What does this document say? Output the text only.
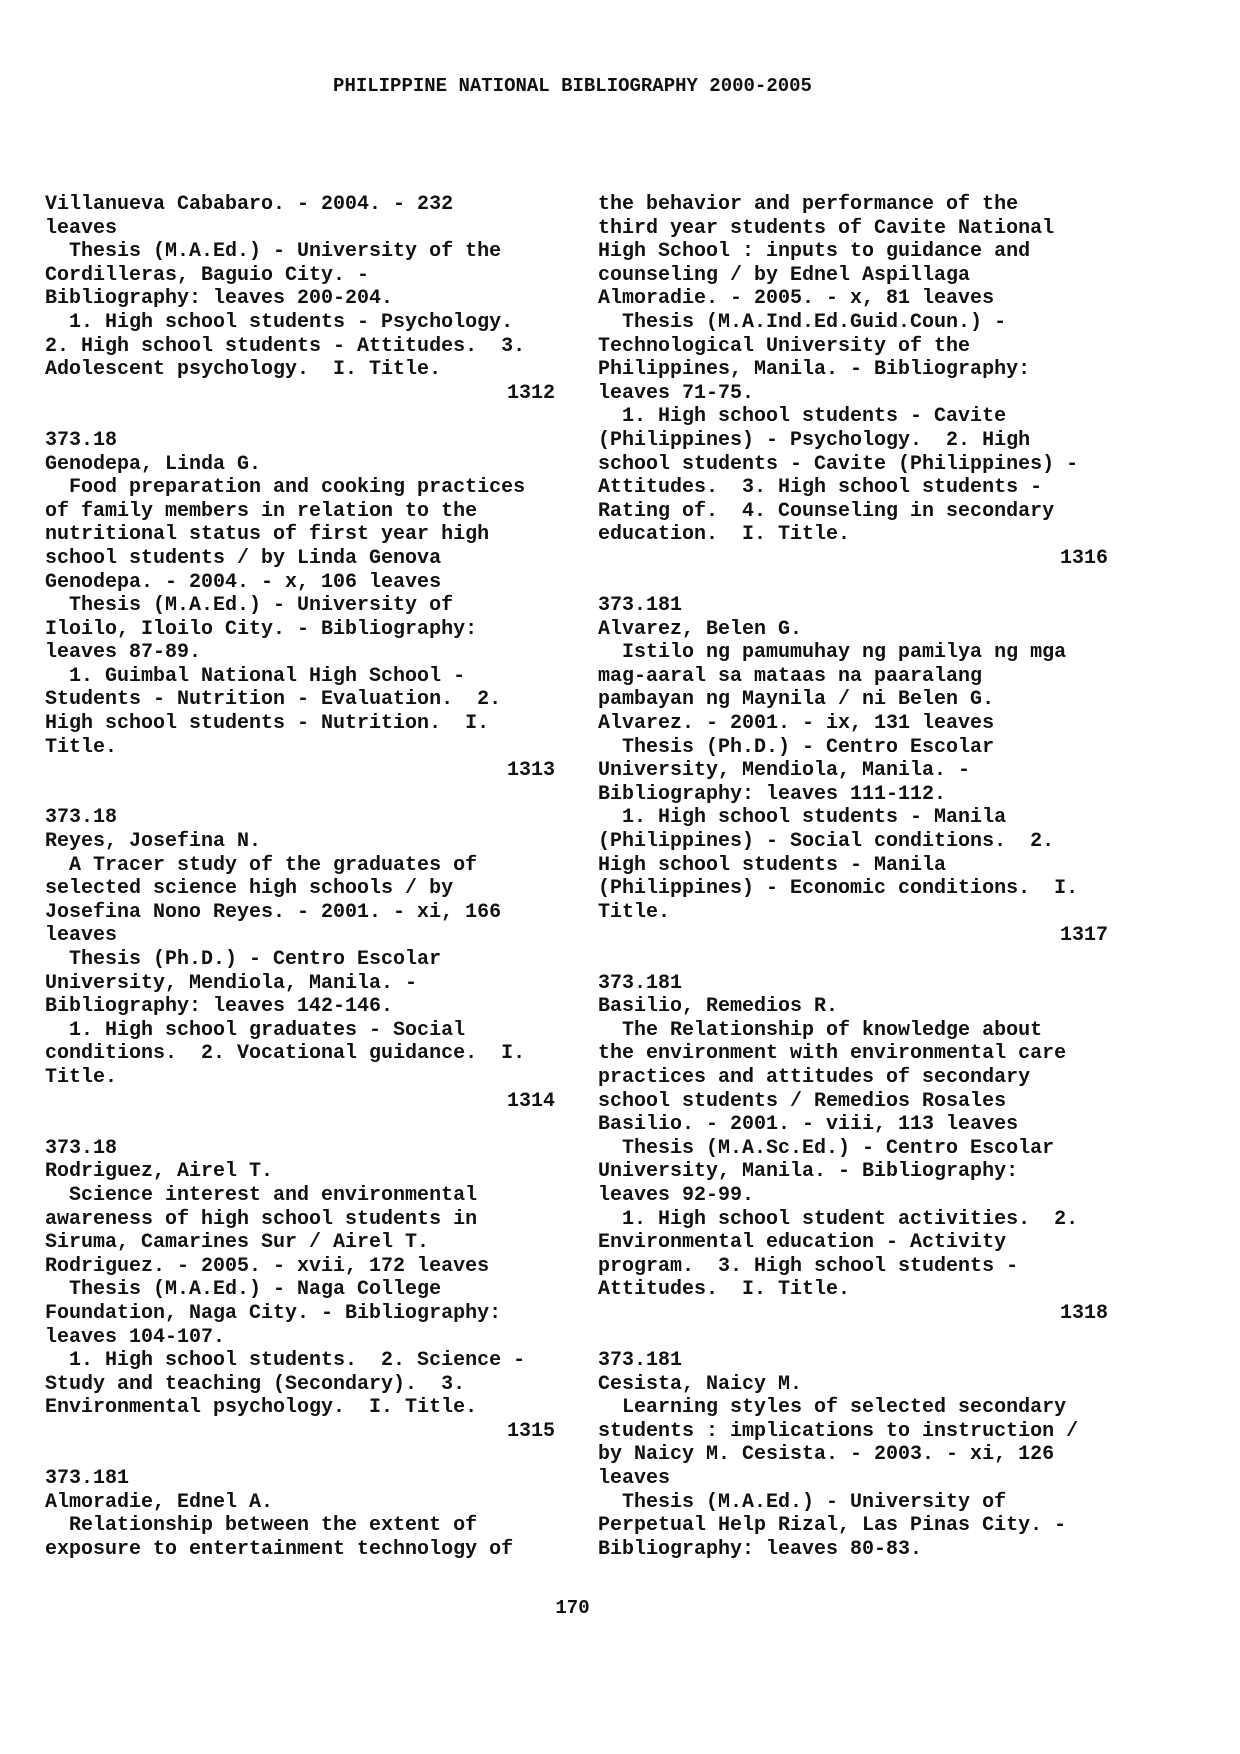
PHILIPPINE NATIONAL BIBLIOGRAPHY 2000-2005
Villanueva Cababaro. - 2004. - 232
leaves
Thesis (M.A.Ed.) - University of the
Cordilleras, Baguio City. -
Bibliography: leaves 200-204.
1. High school students - Psychology.
2. High school students - Attitudes.  3.
Adolescent psychology.  I. Title.
1312
373.18
Genodepa, Linda G.
Food preparation and cooking practices
of family members in relation to the
nutritional status of first year high
school students / by Linda Genova
Genodepa. - 2004. - x, 106 leaves
Thesis (M.A.Ed.) - University of
Iloilo, Iloilo City. - Bibliography:
leaves 87-89.
1. Guimbal National High School -
Students - Nutrition - Evaluation.  2.
High school students - Nutrition.  I.
Title.
1313
373.18
Reyes, Josefina N.
A Tracer study of the graduates of
selected science high schools / by
Josefina Nono Reyes. - 2001. - xi, 166
leaves
Thesis (Ph.D.) - Centro Escolar
University, Mendiola, Manila. -
Bibliography: leaves 142-146.
1. High school graduates - Social
conditions.  2. Vocational guidance.  I.
Title.
1314
373.18
Rodriguez, Airel T.
Science interest and environmental
awareness of high school students in
Siruma, Camarines Sur / Airel T.
Rodriguez. - 2005. - xvii, 172 leaves
Thesis (M.A.Ed.) - Naga College
Foundation, Naga City. - Bibliography:
leaves 104-107.
1. High school students.  2. Science -
Study and teaching (Secondary).  3.
Environmental psychology.  I. Title.
1315
373.181
Almoradie, Ednel A.
Relationship between the extent of
exposure to entertainment technology of
the behavior and performance of the
third year students of Cavite National
High School : inputs to guidance and
counseling / by Ednel Aspillaga
Almoradie. - 2005. - x, 81 leaves
Thesis (M.A.Ind.Ed.Guid.Coun.) -
Technological University of the
Philippines, Manila. - Bibliography:
leaves 71-75.
1. High school students - Cavite
(Philippines) - Psychology.  2. High
school students - Cavite (Philippines) -
Attitudes.  3. High school students -
Rating of.  4. Counseling in secondary
education.  I. Title.
1316
373.181
Alvarez, Belen G.
Istilo ng pamumuhay ng pamilya ng mga
mag-aaral sa mataas na paaralang
pambayan ng Maynila / ni Belen G.
Alvarez. - 2001. - ix, 131 leaves
Thesis (Ph.D.) - Centro Escolar
University, Mendiola, Manila. -
Bibliography: leaves 111-112.
1. High school students - Manila
(Philippines) - Social conditions.  2.
High school students - Manila
(Philippines) - Economic conditions.  I.
Title.
1317
373.181
Basilio, Remedios R.
The Relationship of knowledge about
the environment with environmental care
practices and attitudes of secondary
school students / Remedios Rosales
Basilio. - 2001. - viii, 113 leaves
Thesis (M.A.Sc.Ed.) - Centro Escolar
University, Manila. - Bibliography:
leaves 92-99.
1. High school student activities.  2.
Environmental education - Activity
program.  3. High school students -
Attitudes.  I. Title.
1318
373.181
Cesista, Naicy M.
Learning styles of selected secondary
students : implications to instruction /
by Naicy M. Cesista. - 2003. - xi, 126
leaves
Thesis (M.A.Ed.) - University of
Perpetual Help Rizal, Las Pinas City. -
Bibliography: leaves 80-83.
170
